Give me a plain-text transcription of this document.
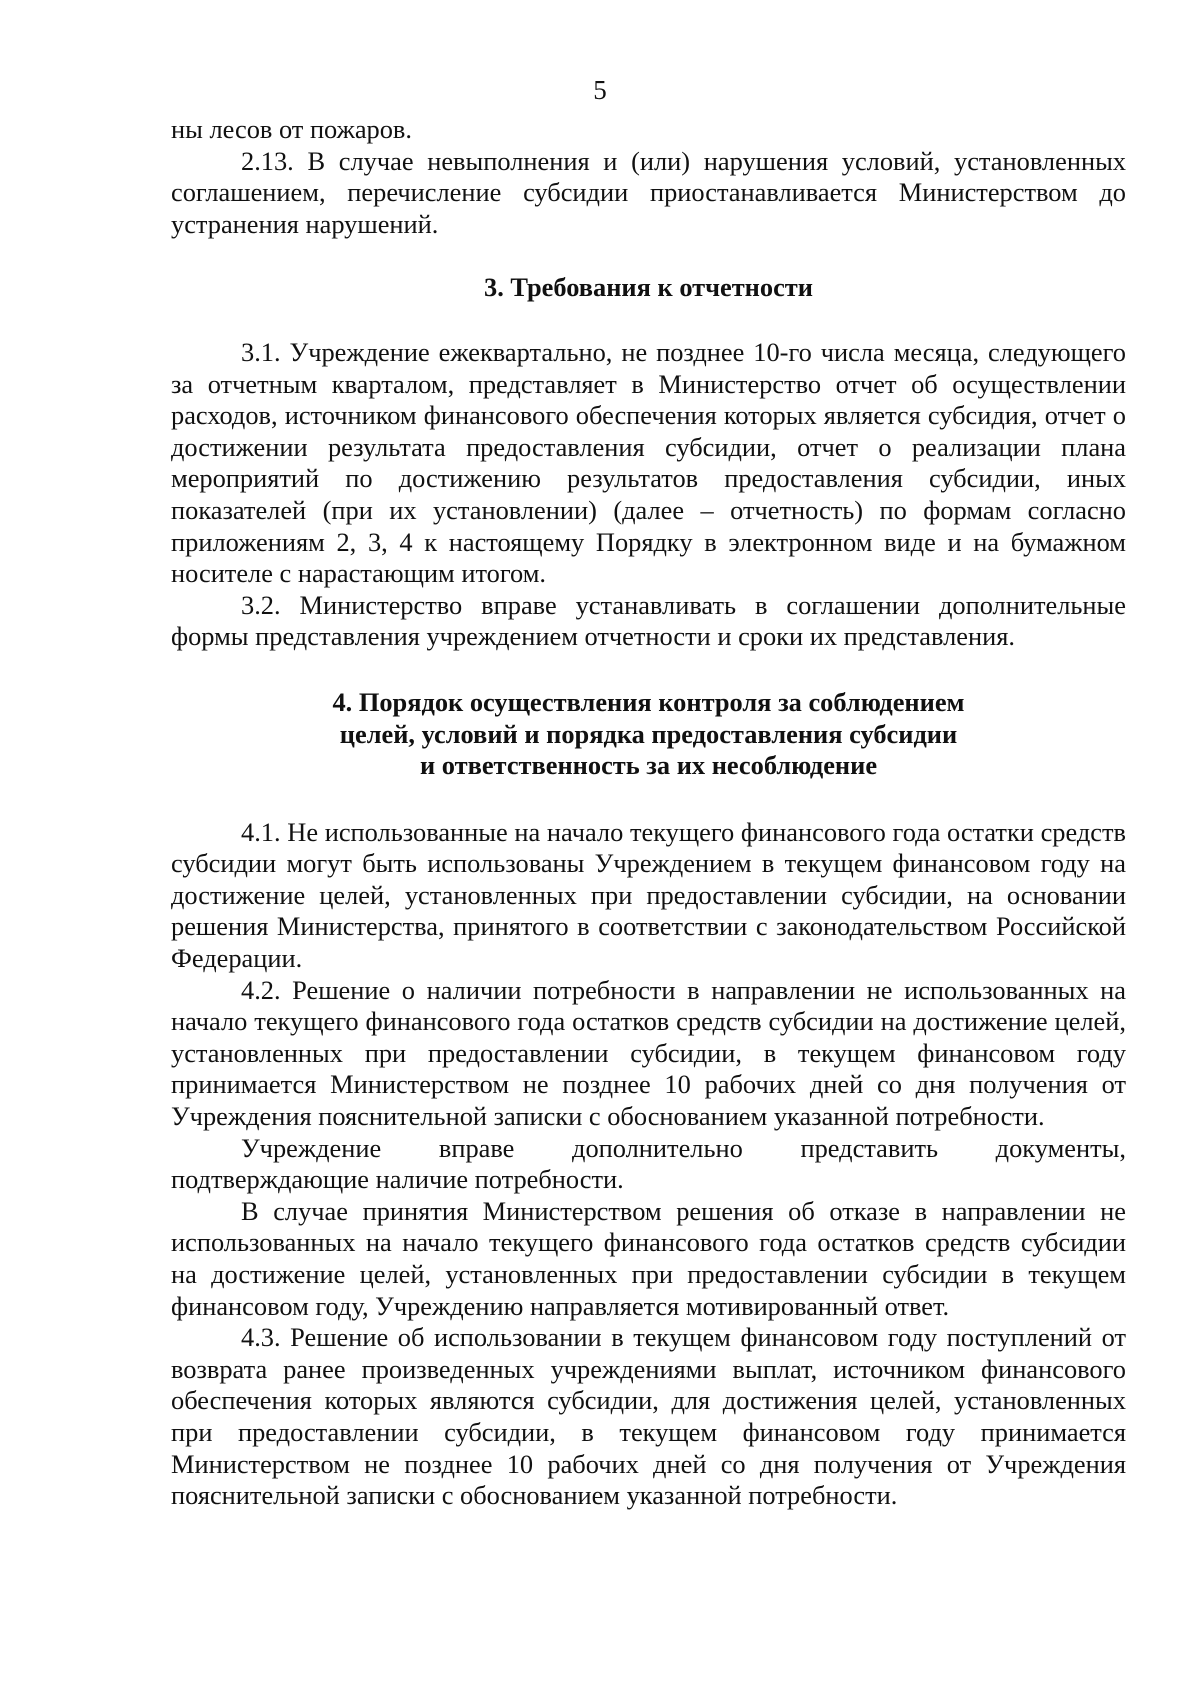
5

ны лесов от пожаров.

2.13. В случае невыполнения и (или) нарушения условий, установленных соглашением, перечисление субсидии приостанавливается Министерством до устранения нарушений.

3. Требования к отчетности

3.1. Учреждение ежеквартально, не позднее 10-го числа месяца, следующего за отчетным кварталом, представляет в Министерство отчет об осуществлении расходов, источником финансового обеспечения которых является субсидия, отчет о достижении результата предоставления субсидии, отчет о реализации плана мероприятий по достижению результатов предоставления субсидии, иных показателей (при их установлении) (далее – отчетность) по формам согласно приложениям 2, 3, 4 к настоящему Порядку в электронном виде и на бумажном носителе с нарастающим итогом.

3.2. Министерство вправе устанавливать в соглашении дополнительные формы представления учреждением отчетности и сроки их представления.

4. Порядок осуществления контроля за соблюдением
целей, условий и порядка предоставления субсидии
и ответственность за их несоблюдение

4.1. Не использованные на начало текущего финансового года остатки средств субсидии могут быть использованы Учреждением в текущем финансовом году на достижение целей, установленных при предоставлении субсидии, на основании решения Министерства, принятого в соответствии с законодательством Российской Федерации.

4.2. Решение о наличии потребности в направлении не использованных на начало текущего финансового года остатков средств субсидии на достижение целей, установленных при предоставлении субсидии, в текущем финансовом году принимается Министерством не позднее 10 рабочих дней со дня получения от Учреждения пояснительной записки с обоснованием указанной потребности.

Учреждение вправе дополнительно представить документы, подтверждающие наличие потребности.

В случае принятия Министерством решения об отказе в направлении не использованных на начало текущего финансового года остатков средств субсидии на достижение целей, установленных при предоставлении субсидии в текущем финансовом году, Учреждению направляется мотивированный ответ.

4.3. Решение об использовании в текущем финансовом году поступлений от возврата ранее произведенных учреждениями выплат, источником финансового обеспечения которых являются субсидии, для достижения целей, установленных при предоставлении субсидии, в текущем финансовом году принимается Министерством не позднее 10 рабочих дней со дня получения от Учреждения пояснительной записки с обоснованием указанной потребности.
